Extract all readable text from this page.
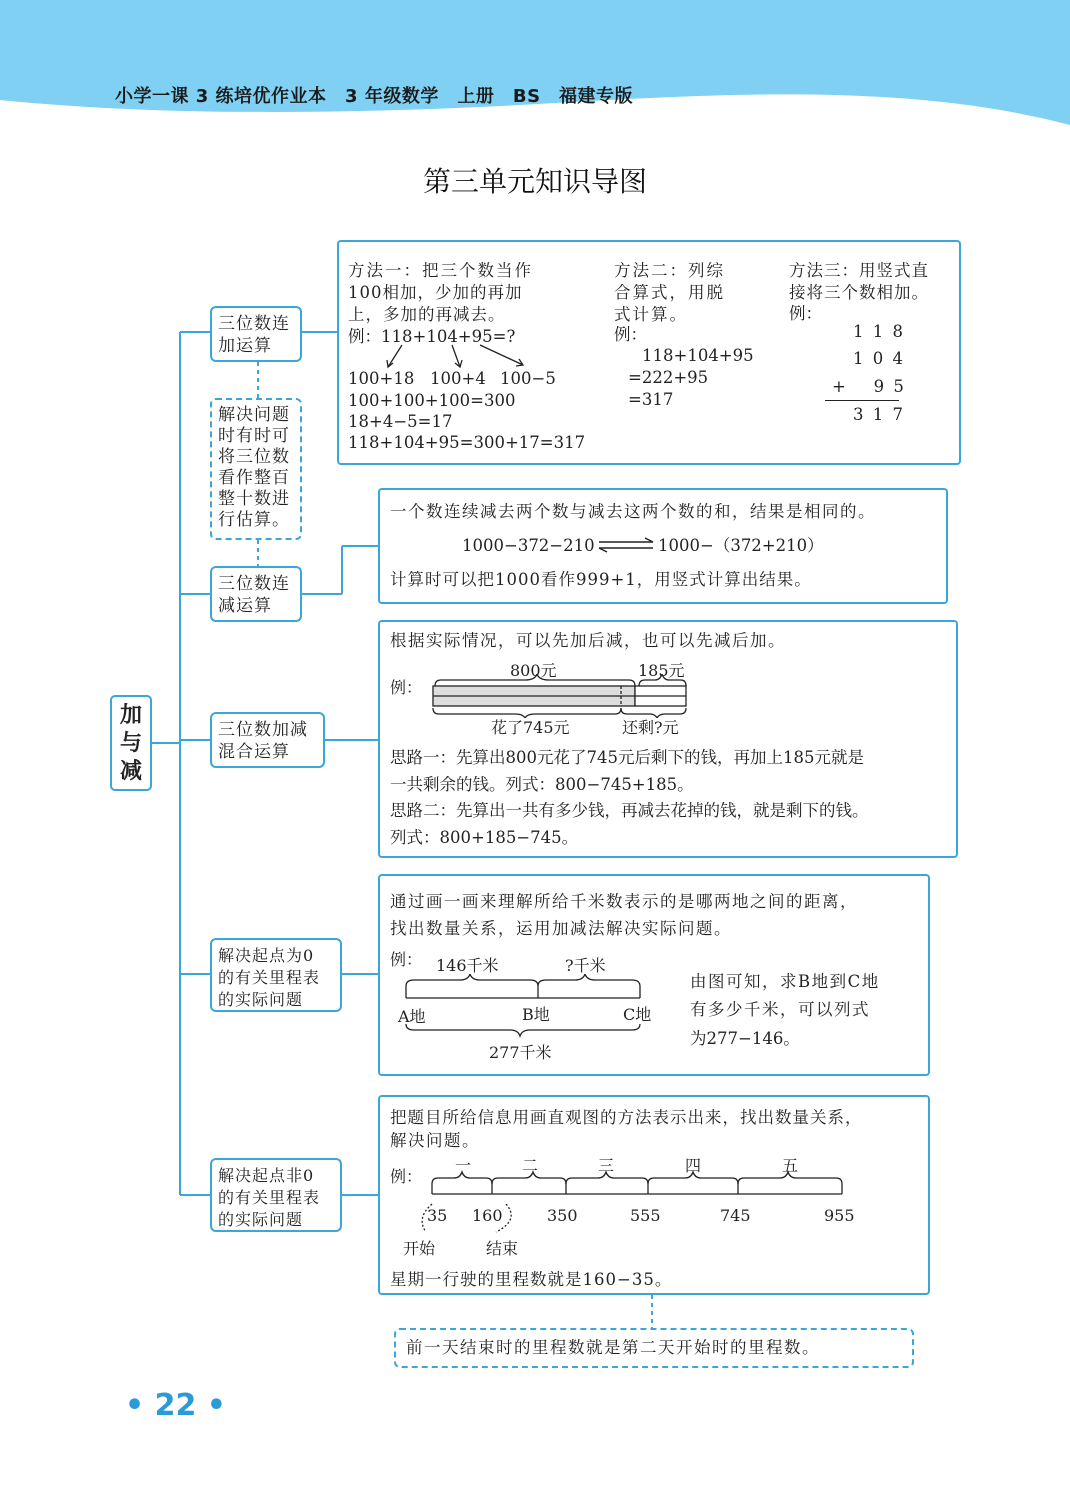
小学一课 3 练培优作业本　3 年级数学　上册　BS　福建专版
第三单元知识导图
加与减
三位数连
加运算
解决问题
时有时可
将三位数
看作整百
整十数进
行估算。
三位数连
减运算
三位数加减
混合运算
解决起点为0
的有关里程表
的实际问题
解决起点非0
的有关里程表
的实际问题
方法一：把三个数当作
100相加，少加的再加
上，多加的再减去。
例：118+104+95=?
100+18 100+4 100−5
100+100+100=300
18+4−5=17
118+104+95=300+17=317
方法二：列综
合算式，用脱
式计算。
例：
118+104+95
=222+95
=317
方法三：用竖式直
接将三个数相加。
例：
1 1 8
1 0 4
+　 9 5
3 1 7
一个数连续减去两个数与减去这两个数的和，结果是相同的。
1000−372−210	1000−（372+210）
计算时可以把1000看作999+1，用竖式计算出结果。
根据实际情况，可以先加后减，也可以先减后加。
800元	185元
例：
花了745元	还剩?元
思路一：先算出800元花了745元后剩下的钱，再加上185元就是
一共剩余的钱。列式：800−745+185。
思路二：先算出一共有多少钱，再减去花掉的钱，就是剩下的钱。
列式：800+185−745。
通过画一画来理解所给千米数表示的是哪两地之间的距离，
找出数量关系，运用加减法解决实际问题。
例： 146千米	?千米
A地	B地	C地
277千米
由图可知，求B地到C地
有多少千米，可以列式
为277−146。
把题目所给信息用画直观图的方法表示出来，找出数量关系，
解决问题。
例：
一	二	三	四	五
35 160	350	555	745	955
开始	结束
星期一行驶的里程数就是160−35。
前一天结束时的里程数就是第二天开始时的里程数。
• 22 •
